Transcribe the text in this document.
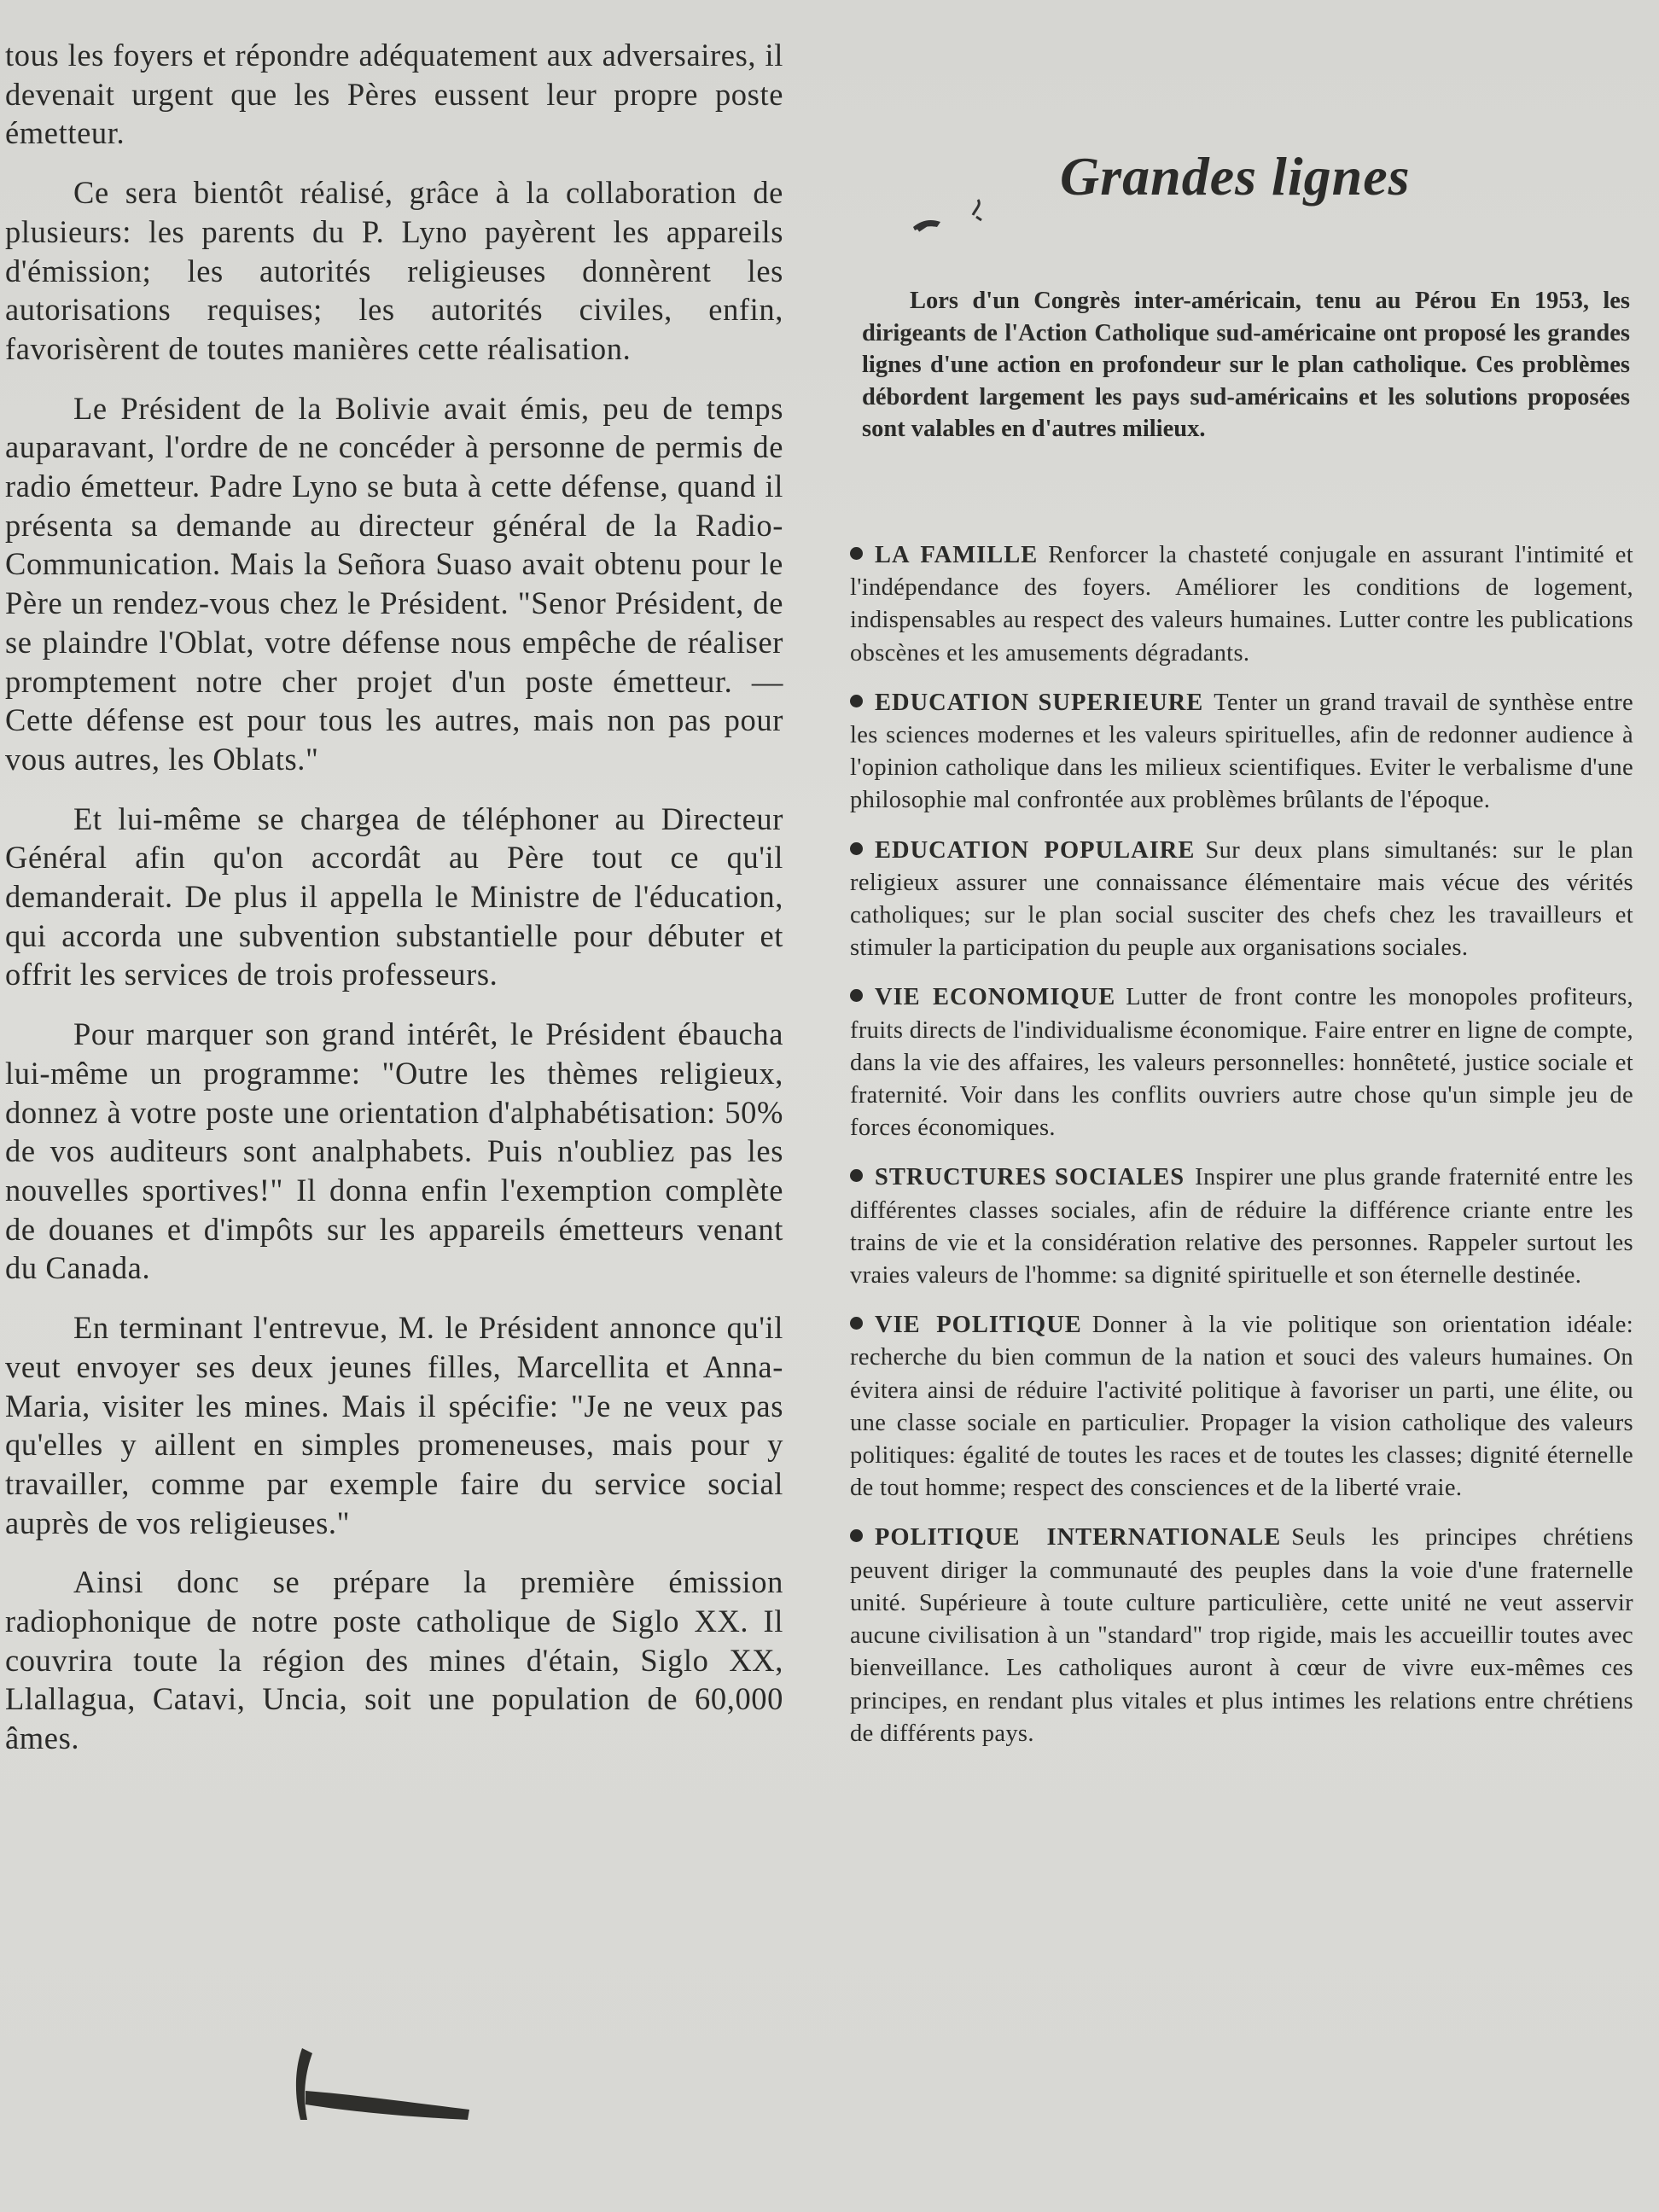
tous les foyers et répondre adéquatement aux adversaires, il devenait urgent que les Pères eussent leur propre poste émetteur.

Ce sera bientôt réalisé, grâce à la collaboration de plusieurs: les parents du P. Lyno payèrent les appareils d'émission; les autorités religieuses donnèrent les autorisations requises; les autorités civiles, enfin, favorisèrent de toutes manières cette réalisation.

Le Président de la Bolivie avait émis, peu de temps auparavant, l'ordre de ne concéder à personne de permis de radio émetteur. Padre Lyno se buta à cette défense, quand il présenta sa demande au directeur général de la Radio-Communication. Mais la Señora Suaso avait obtenu pour le Père un rendez-vous chez le Président. "Senor Président, de se plaindre l'Oblat, votre défense nous empêche de réaliser promptement notre cher projet d'un poste émetteur. — Cette défense est pour tous les autres, mais non pas pour vous autres, les Oblats."

Et lui-même se chargea de téléphoner au Directeur Général afin qu'on accordât au Père tout ce qu'il demanderait. De plus il appella le Ministre de l'éducation, qui accorda une subvention substantielle pour débuter et offrit les services de trois professeurs.

Pour marquer son grand intérêt, le Président ébaucha lui-même un programme: "Outre les thèmes religieux, donnez à votre poste une orientation d'alphabétisation: 50% de vos auditeurs sont analphabets. Puis n'oubliez pas les nouvelles sportives!" Il donna enfin l'exemption complète de douanes et d'impôts sur les appareils émetteurs venant du Canada.

En terminant l'entrevue, M. le Président annonce qu'il veut envoyer ses deux jeunes filles, Marcellita et Anna-Maria, visiter les mines. Mais il spécifie: "Je ne veux pas qu'elles y aillent en simples promeneuses, mais pour y travailler, comme par exemple faire du service social auprès de vos religieuses."

Ainsi donc se prépare la première émission radiophonique de notre poste catholique de Siglo XX. Il couvrira toute la région des mines d'étain, Siglo XX, Llallagua, Catavi, Uncia, soit une population de 60,000 âmes.

Grandes lignes

Lors d'un Congrès inter-américain, tenu au Pérou En 1953, les dirigeants de l'Action Catholique sud-américaine ont proposé les grandes lignes d'une action en profondeur sur le plan catholique. Ces problèmes débordent largement les pays sud-américains et les solutions proposées sont valables en d'autres milieux.

LA FAMILLE Renforcer la chasteté conjugale en assurant l'intimité et l'indépendance des foyers. Améliorer les conditions de logement, indispensables au respect des valeurs humaines. Lutter contre les publications obscènes et les amusements dégradants.

EDUCATION SUPERIEURE Tenter un grand travail de synthèse entre les sciences modernes et les valeurs spirituelles, afin de redonner audience à l'opinion catholique dans les milieux scientifiques. Eviter le verbalisme d'une philosophie mal confrontée aux problèmes brûlants de l'époque.

EDUCATION POPULAIRE Sur deux plans simultanés: sur le plan religieux assurer une connaissance élémentaire mais vécue des vérités catholiques; sur le plan social susciter des chefs chez les travailleurs et stimuler la participation du peuple aux organisations sociales.

VIE ECONOMIQUE Lutter de front contre les monopoles profiteurs, fruits directs de l'individualisme économique. Faire entrer en ligne de compte, dans la vie des affaires, les valeurs personnelles: honnêteté, justice sociale et fraternité. Voir dans les conflits ouvriers autre chose qu'un simple jeu de forces économiques.

STRUCTURES SOCIALES Inspirer une plus grande fraternité entre les différentes classes sociales, afin de réduire la différence criante entre les trains de vie et la considération relative des personnes. Rappeler surtout les vraies valeurs de l'homme: sa dignité spirituelle et son éternelle destinée.

VIE POLITIQUE Donner à la vie politique son orientation idéale: recherche du bien commun de la nation et souci des valeurs humaines. On évitera ainsi de réduire l'activité politique à favoriser un parti, une élite, ou une classe sociale en particulier. Propager la vision catholique des valeurs politiques: égalité de toutes les races et de toutes les classes; dignité éternelle de tout homme; respect des consciences et de la liberté vraie.

POLITIQUE INTERNATIONALE Seuls les principes chrétiens peuvent diriger la communauté des peuples dans la voie d'une fraternelle unité. Supérieure à toute culture particulière, cette unité ne veut asservir aucune civilisation à un "standard" trop rigide, mais les accueillir toutes avec bienveillance. Les catholiques auront à cœur de vivre eux-mêmes ces principes, en rendant plus vitales et plus intimes les relations entre chrétiens de différents pays.
